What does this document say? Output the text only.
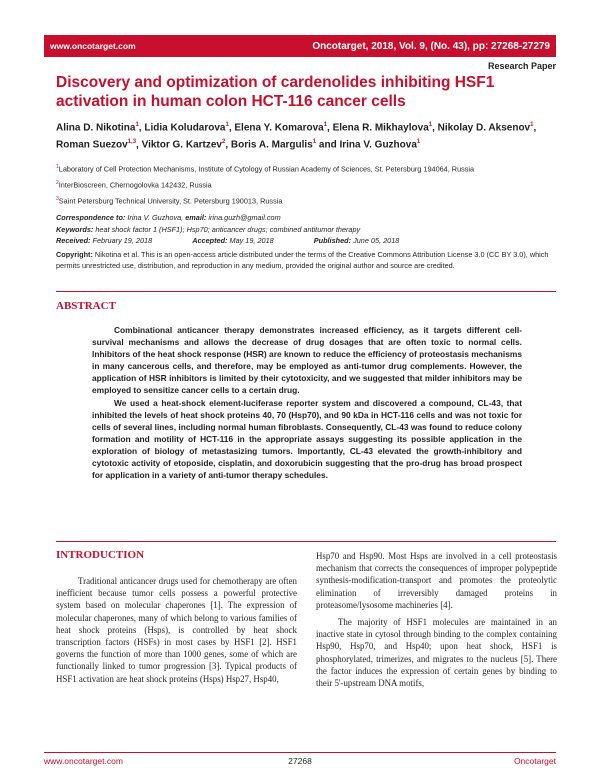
www.oncotarget.com	Oncotarget, 2018, Vol. 9, (No. 43), pp: 27268-27279
Research Paper
Discovery and optimization of cardenolides inhibiting HSF1 activation in human colon HCT-116 cancer cells

Alina D. Nikotina$^1$, Lidia Koludarova$^1$, Elena Y. Komarova$^1$, Elena R. Mikhaylova$^1$, Nikolay D. Aksenov$^1$, Roman Suezov$^{1,3}$, Viktor G. Kartzev$^2$, Boris A. Margulis$^1$ and Irina V. Guzhova$^1$

$^1$Laboratory of Cell Protection Mechanisms, Institute of Cytology of Russian Academy of Sciences, St. Petersburg 194064, Russia

$^2$InterBioscreen, Chernogolovka 142432, Russia

$^3$Saint Petersburg Technical University, St. Petersburg 190013, Russia

Correspondence to: Irina V. Guzhova, email: irina.guzh@gmail.com

Keywords: heat shock factor 1 (HSF1); Hsp70; anticancer drugs; combined antitumor therapy

Received: February 19, 2018	Accepted: May 19, 2018	Published: June 05, 2018

Copyright: Nikotina et al. This is an open-access article distributed under the terms of the Creative Commons Attribution License 3.0 (CC BY 3.0), which permits unrestricted use, distribution, and reproduction in any medium, provided the original author and source are credited.

ABSTRACT

Combinational anticancer therapy demonstrates increased efficiency, as it targets different cell-survival mechanisms and allows the decrease of drug dosages that are often toxic to normal cells. Inhibitors of the heat shock response (HSR) are known to reduce the efficiency of proteostasis mechanisms in many cancerous cells, and therefore, may be employed as anti-tumor drug complements. However, the application of HSR inhibitors is limited by their cytotoxicity, and we suggested that milder inhibitors may be employed to sensitize cancer cells to a certain drug.

We used a heat-shock element-luciferase reporter system and discovered a compound, CL-43, that inhibited the levels of heat shock proteins 40, 70 (Hsp70), and 90 kDa in HCT-116 cells and was not toxic for cells of several lines, including normal human fibroblasts. Consequently, CL-43 was found to reduce colony formation and motility of HCT-116 in the appropriate assays suggesting its possible application in the exploration of biology of metastasizing tumors. Importantly, CL-43 elevated the growth-inhibitory and cytotoxic activity of etoposide, cisplatin, and doxorubicin suggesting that the pro-drug has broad prospect for application in a variety of anti-tumor therapy schedules.

INTRODUCTION

Traditional anticancer drugs used for chemotherapy are often inefficient because tumor cells possess a powerful protective system based on molecular chaperones [1]. The expression of molecular chaperones, many of which belong to various families of heat shock proteins (Hsps), is controlled by heat shock transcription factors (HSFs) in most cases by HSF1 [2]. HSF1 governs the function of more than 1000 genes, some of which are functionally linked to tumor progression [3]. Typical products of HSF1 activation are heat shock proteins (Hsps) Hsp27, Hsp40,

Hsp70 and Hsp90. Most Hsps are involved in a cell proteostasis mechanism that corrects the consequences of improper polypeptide synthesis-modification-transport and promotes the proteolytic elimination of irreversibly damaged proteins in proteasome/lysosome machineries [4].

The majority of HSF1 molecules are maintained in an inactive state in cytosol through binding to the complex containing Hsp90, Hsp70, and Hsp40; upon heat shock, HSF1 is phosphorylated, trimerizes, and migrates to the nucleus [5]. There the factor induces the expression of certain genes by binding to their 5'-upstream DNA motifs,

www.oncotarget.com	27268	Oncotarget
